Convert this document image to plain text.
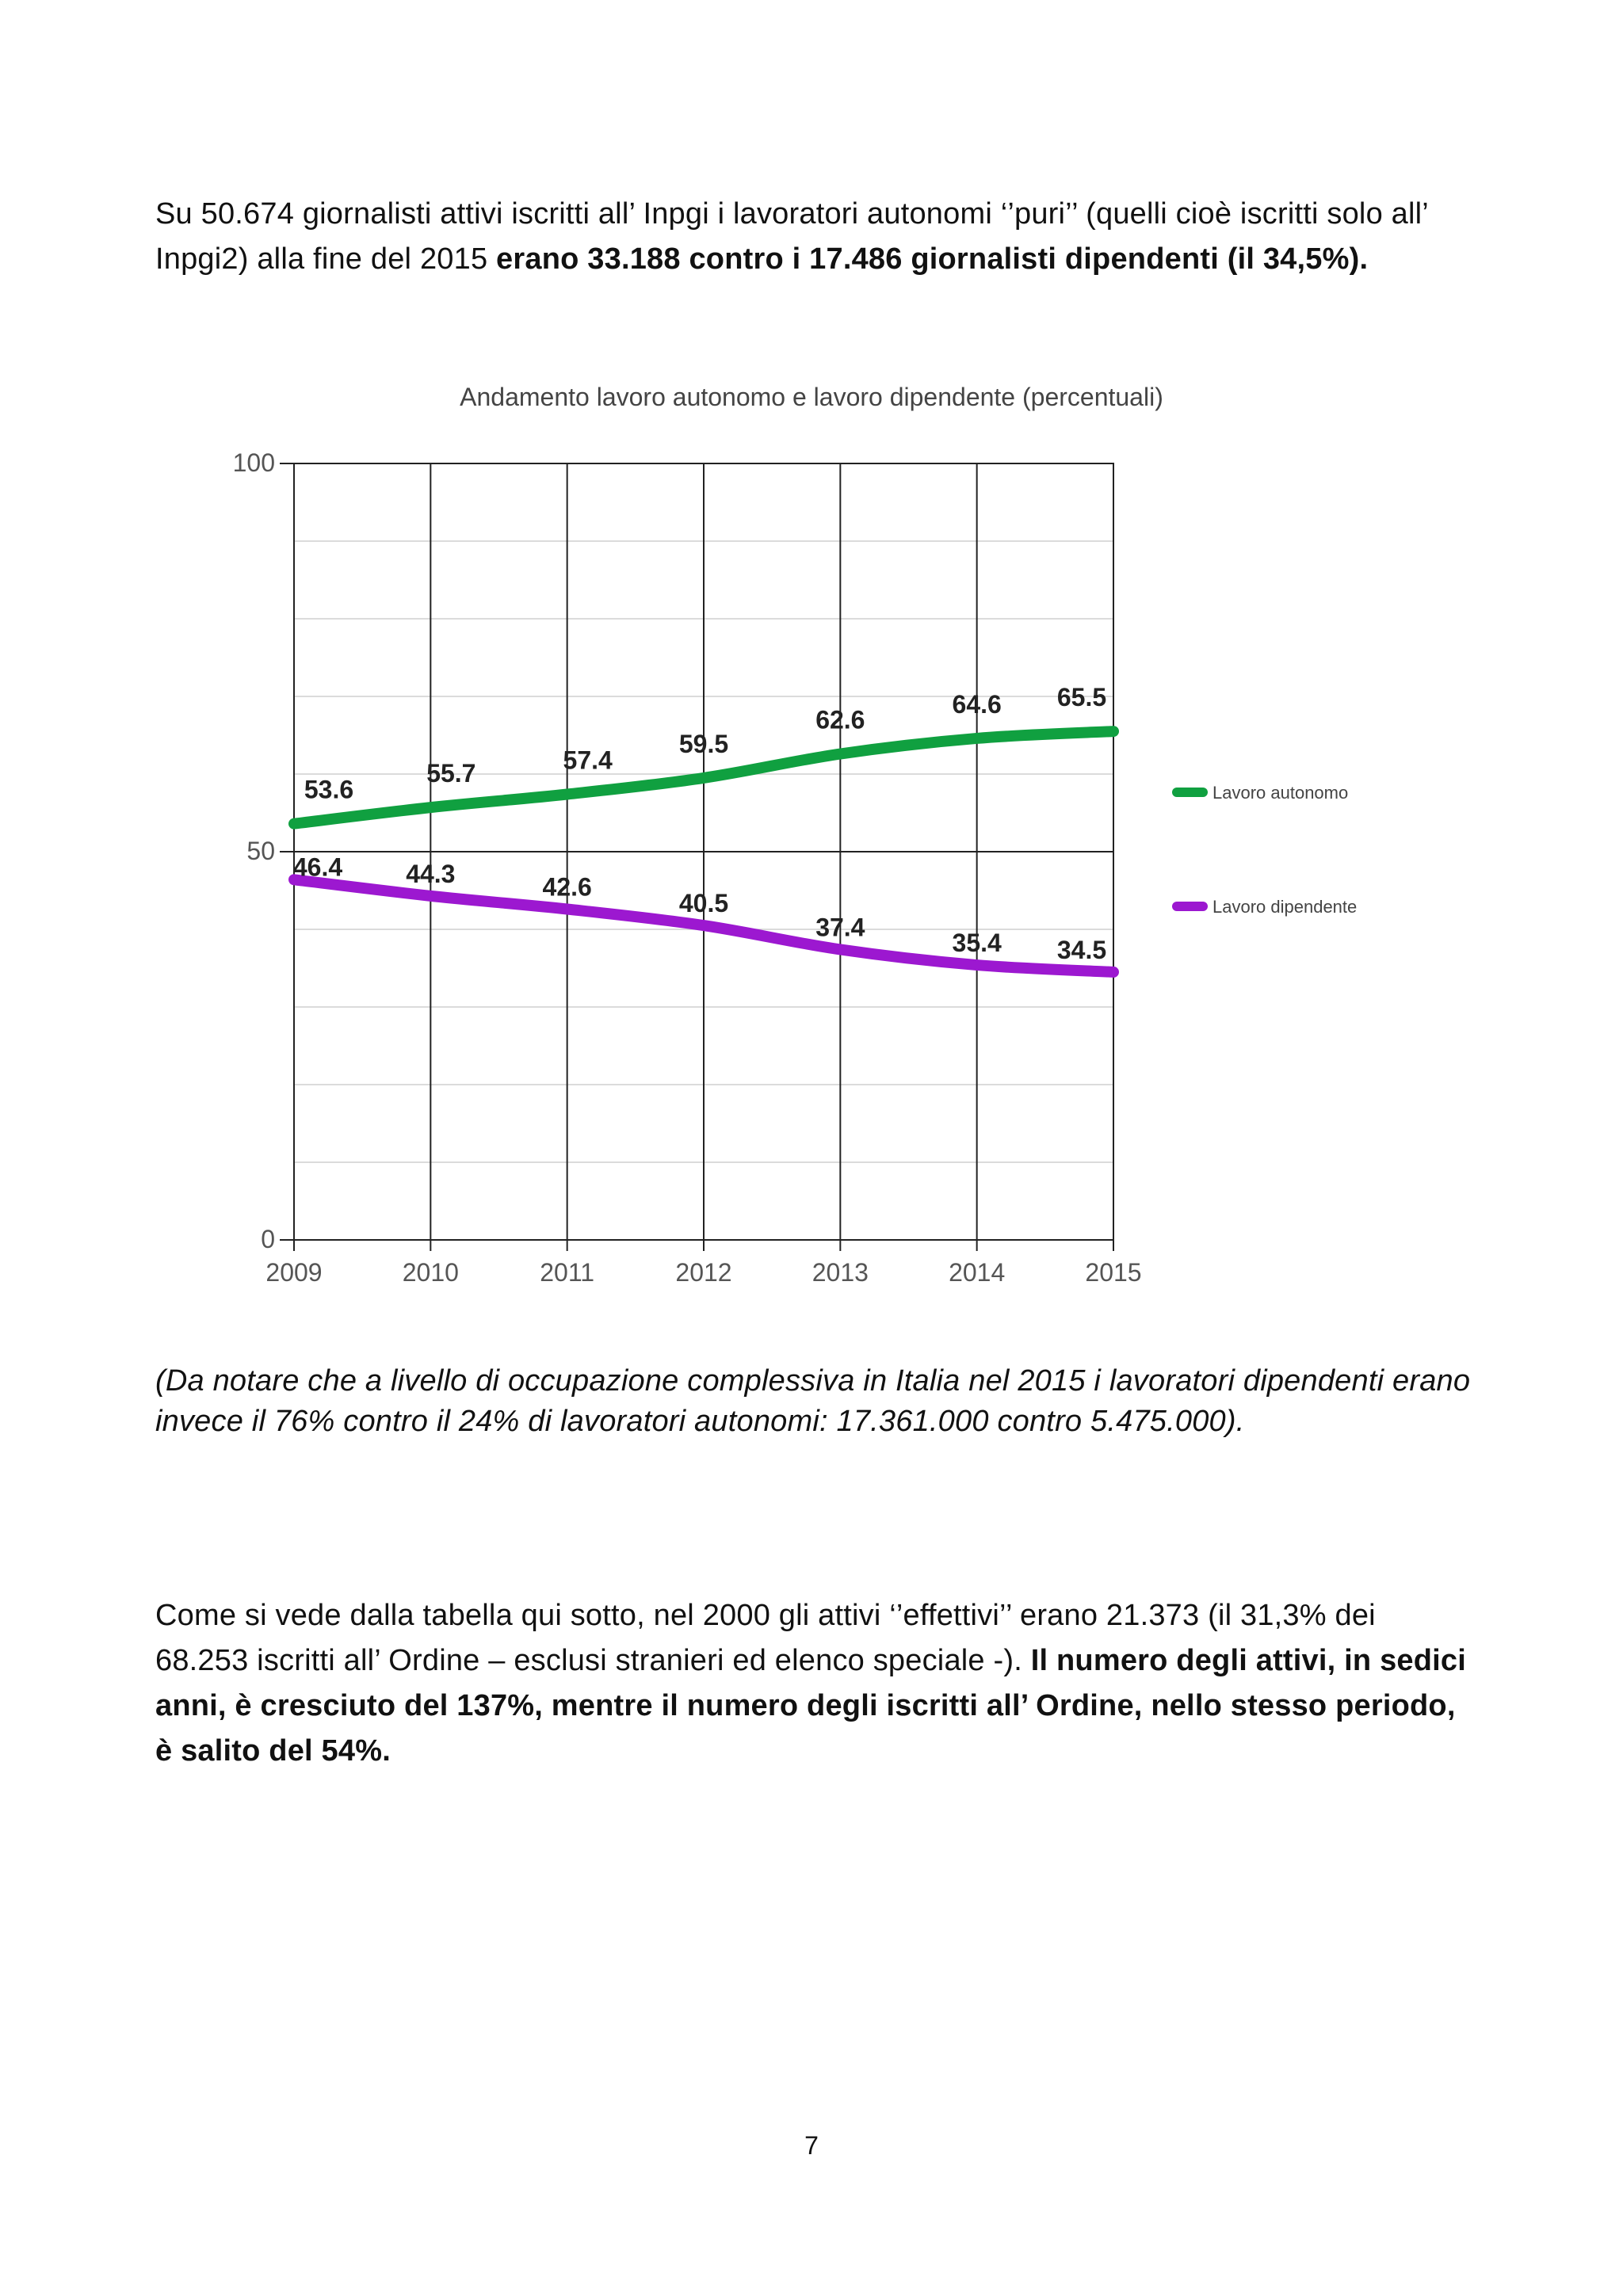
Su 50.674 giornalisti attivi iscritti all’ Inpgi i lavoratori autonomi ‘’puri’’ (quelli cioè iscritti solo all’ Inpgi2) alla fine del 2015 erano 33.188 contro i 17.486 giornalisti dipendenti (il 34,5%).

Andamento lavoro autonomo e lavoro dipendente (percentuali)
0
50
100
2009	2010	2011	2012	2013	2014	2015
53.6
55.7	57.4
59.5
62.6
64.6 65.5
46.4	44.3	42.6
40.5
37.4
35.4 34.5
Lavoro autonomo
Lavoro dipendente

(Da notare che a livello di occupazione complessiva in Italia nel 2015 i lavoratori dipendenti erano invece il 76% contro il 24% di lavoratori autonomi: 17.361.000 contro 5.475.000).

Come si vede dalla tabella qui sotto, nel 2000 gli attivi ‘’effettivi’’ erano 21.373 (il 31,3% dei 68.253 iscritti all’ Ordine – esclusi stranieri ed elenco speciale -). Il numero degli attivi, in sedici anni, è cresciuto del 137%, mentre il numero degli iscritti all’ Ordine, nello stesso periodo, è salito del 54%.

7
